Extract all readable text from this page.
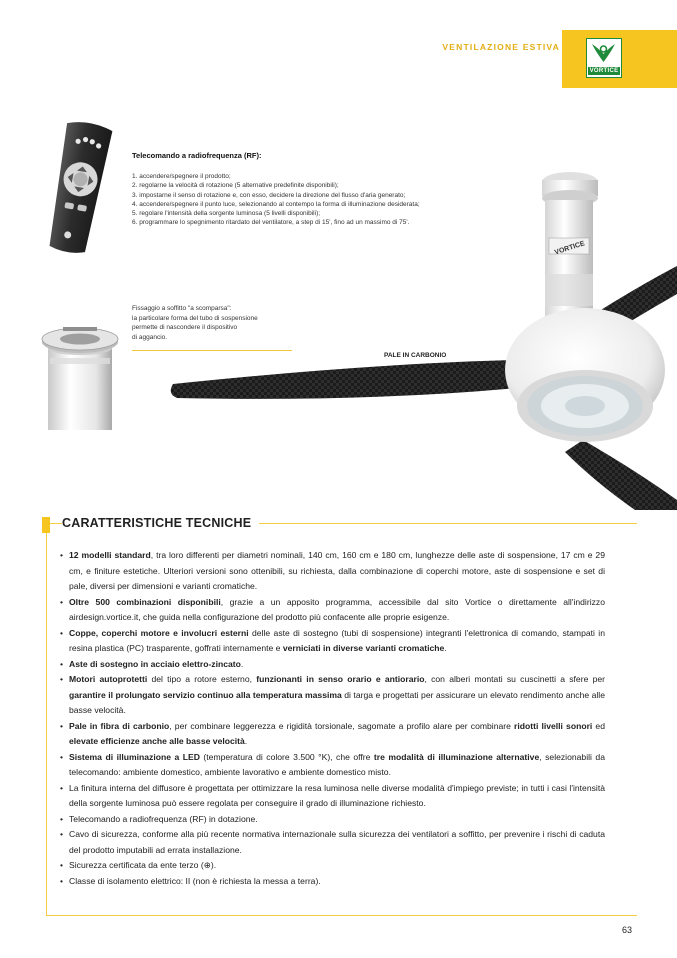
VENTILAZIONE ESTIVA
VORTICE
Telecomando a radiofrequenza (RF):
1. accendere/spegnere il prodotto;
2. regolarne la velocità di rotazione (5 alternative predefinite disponibili);
3. impostarne il senso di rotazione e, con esso, decidere la direzione del flusso d'aria generato;
4. accendere/spegnere il punto luce, selezionando al contempo la forma di illuminazione desiderata;
5. regolare l'intensità della sorgente luminosa (5 livelli disponibili);
6. programmare lo spegnimento ritardato del ventilatore, a step di 15', fino ad un massimo di 75'.
Fissaggio a soffitto "a scomparsa":
la particolare forma del tubo di sospensione
permette di nascondere il dispositivo
di aggancio.
VORTICE
PALE IN CARBONIO
CARATTERISTICHE TECNICHE
• 12 modelli standard, tra loro differenti per diametri nominali, 140 cm, 160 cm e 180 cm, lunghezze delle aste di sospensione, 17 cm e 29 cm, e finiture estetiche. Ulteriori versioni sono ottenibili, su richiesta, dalla combinazione di coperchi motore, aste di sospensione e set di pale, diversi per dimensioni e varianti cromatiche.
• Oltre 500 combinazioni disponibili, grazie a un apposito programma, accessibile dal sito Vortice o direttamente all'indirizzo airdesign.vortice.it, che guida nella configurazione del prodotto più confacente alle proprie esigenze.
• Coppe, coperchi motore e involucri esterni delle aste di sostegno (tubi di sospensione) integranti l'elettronica di comando, stampati in resina plastica (PC) trasparente, goffrati internamente e verniciati in diverse varianti cromatiche.
• Aste di sostegno in acciaio elettro-zincato.
• Motori autoprotetti del tipo a rotore esterno, funzionanti in senso orario e antiorario, con alberi montati su cuscinetti a sfere per garantire il prolungato servizio continuo alla temperatura massima di targa e progettati per assicurare un elevato rendimento anche alle basse velocità.
• Pale in fibra di carbonio, per combinare leggerezza e rigidità torsionale, sagomate a profilo alare per combinare ridotti livelli sonori ed elevate efficienze anche alle basse velocità.
• Sistema di illuminazione a LED (temperatura di colore 3.500 °K), che offre tre modalità di illuminazione alternative, selezionabili da telecomando: ambiente domestico, ambiente lavorativo e ambiente domestico misto.
• La finitura interna del diffusore è progettata per ottimizzare la resa luminosa nelle diverse modalità d'impiego previste; in tutti i casi l'intensità della sorgente luminosa può essere regolata per conseguire il grado di illuminazione richiesto.
• Telecomando a radiofrequenza (RF) in dotazione.
• Cavo di sicurezza, conforme alla più recente normativa internazionale sulla sicurezza dei ventilatori a soffitto, per prevenire i rischi di caduta del prodotto imputabili ad errata installazione.
• Sicurezza certificata da ente terzo (⊕).
• Classe di isolamento elettrico: II (non è richiesta la messa a terra).
63
